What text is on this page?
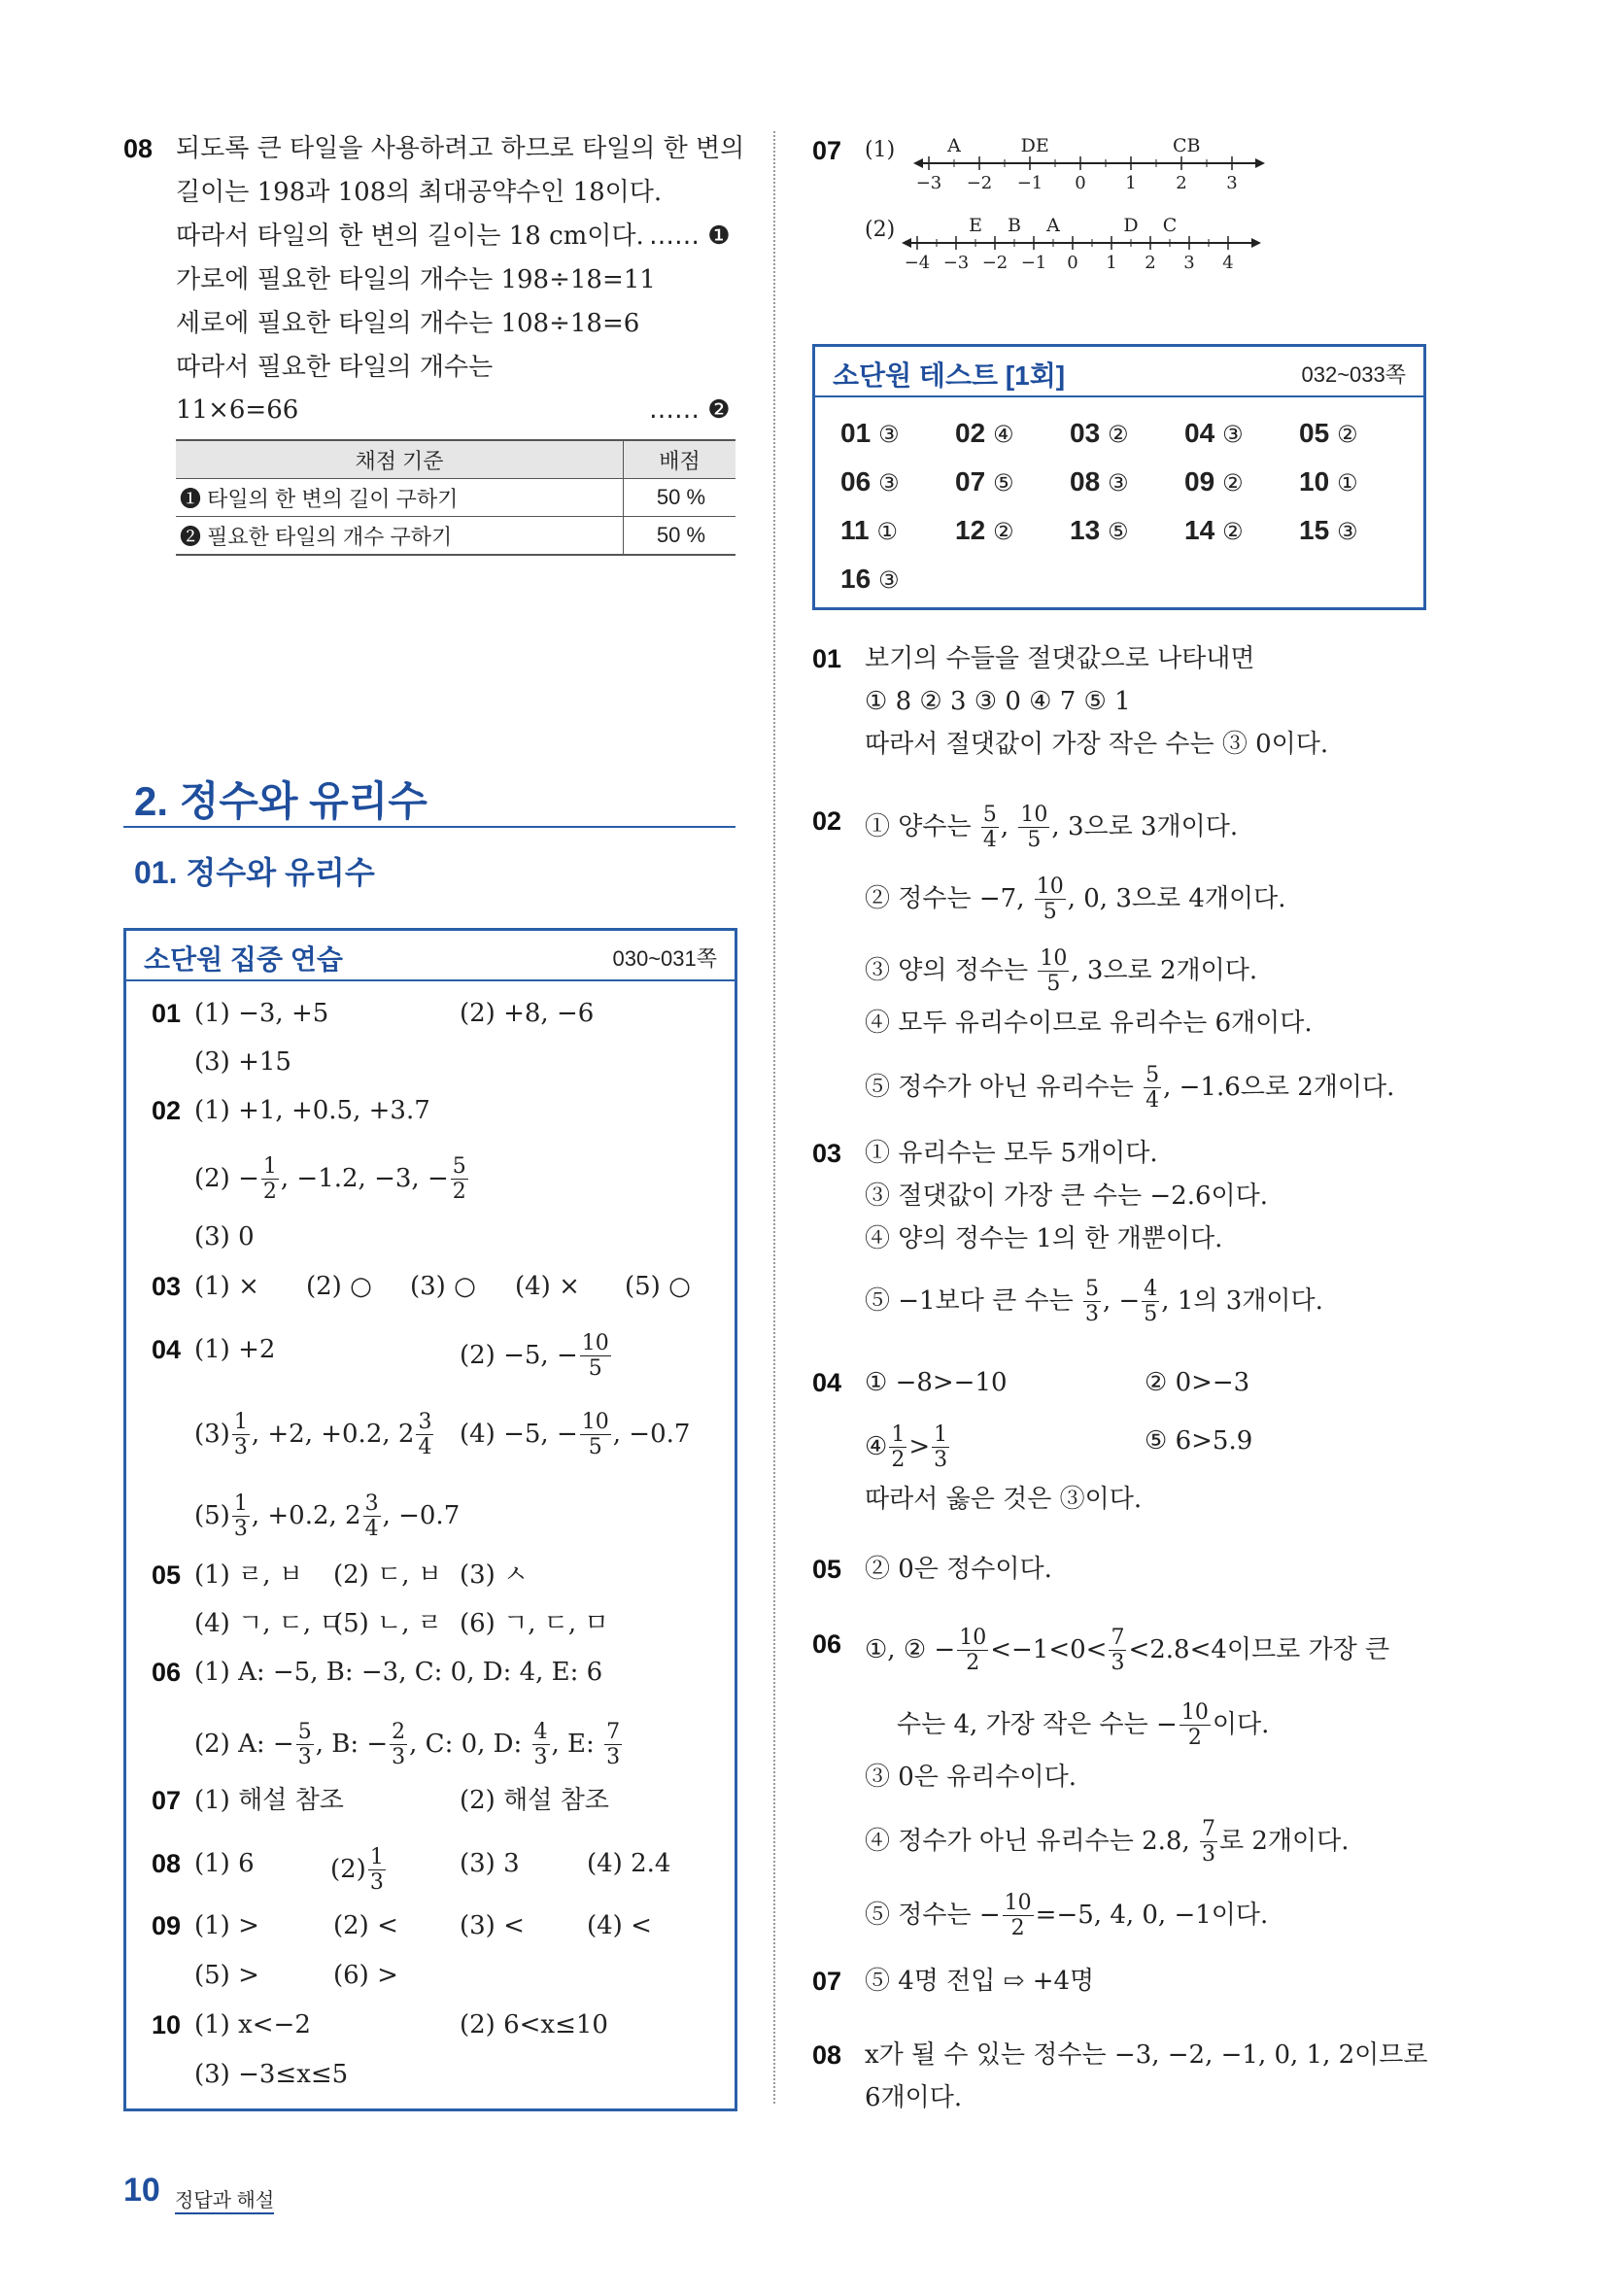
08 되도록 큰 타일을 사용하려고 하므로 타일의 한 변의
길이는 198과 108의 최대공약수인 18이다.
따라서 타일의 한 변의 길이는 18 cm이다. …… ❶
가로에 필요한 타일의 개수는 198÷18=11
세로에 필요한 타일의 개수는 108÷18=6
따라서 필요한 타일의 개수는
11×6=66	…… ❷
채점 기준	배점
❶ 타일의 한 변의 길이 구하기	50 %
❷ 필요한 타일의 개수 구하기	50 %
2. 정수와 유리수
01. 정수와 유리수
소단원 집중 연습	030~031쪽
01 (1) −3, +5	(2) +8, −6
(3) +15
02 (1) +1, +0.5, +3.7
$(2) - \frac{1}{2}$ , −1.2, −3, − $\frac{5}{2}$
(3) 0
03 (1) × (2) ○ (3) ○ (4) × (5) ○
04 (1) +2	(2) −5, − $\frac{10}{5}$
$(3) \frac{1}{3}$ , +2, +0.2, $2 \frac{3}{4} (4) -5$, − $\frac{10}{5}$ , −0.7
$(5) \frac{1}{3}$ , +0.2, $2 \frac{3}{4}$ , −0.7
05 (1) ㄹ, ㅂ (2) ㄷ, ㅂ (3) ㅅ
(4) ㄱ, ㄷ, ㅁ
(5) ㄴ, ㄹ (6) ㄱ, ㄷ, ㅁ
06 (1) A: −5, B: −3, C: 0, D: 4, E: 6
(2) A: − $\frac{5}{3}$ , B: − $\frac{2}{3}$ , C: 0, D: $\frac{4}{3}$ , E: $\frac{7}{3}$
07 (1) 해설 참조	(2) 해설 참조
08 (1) 6	$(2) \frac{1}{3}$	(3) 3	(4) 2.4
09 (1) >	(2) < (3) < (4) <
(5) >	(6) >
10 (1) x<−2	(2) 6<x≤10
(3) −3≤x≤5
07 (1)
(2)
−3 −2 −1 0 1 2 3
A	DE	CB
−4 −3 −2 −1 0 1 2 3 4
E B A	D C
소단원 테스트 [1회]	032~033쪽
01 ③ 02 ④ 03 ② 04 ③ 05 ②
06 ③ 07 ⑤ 08 ③ 09 ② 10 ①
11 ① 12 ② 13 ⑤ 14 ② 15 ③
16 ③
01 보기의 수들을 절댓값으로 나타내면
① 8 ② 3 ③ 0 ④ 7 ⑤ 1
따라서 절댓값이 가장 작은 수는 ③ 0이다.
02 ① 양수는 $\frac{5}{4}$ , $\frac{10}{5}$ , 3으로 3개이다.
② 정수는 −7, $\frac{10}{5}$ , 0, 3으로 4개이다.
③ 양의 정수는 $\frac{10}{5}$ , 3으로 2개이다.
④ 모두 유리수이므로 유리수는 6개이다.
⑤ 정수가 아닌 유리수는 $\frac{5}{4}$ , −1.6으로 2개이다.
03 ① 유리수는 모두 5개이다.
③ 절댓값이 가장 큰 수는 −2.6이다.
④ 양의 정수는 1의 한 개뿐이다.
⑤ −1보다 큰 수는 $\frac{5}{3}$ , − $\frac{4}{5}$ , 1의 3개이다.
04 ① −8>−10	② 0>−3
④ $\frac{1}{2} > \frac{1}{3}$	⑤ 6>5.9
따라서 옳은 것은 ③이다.
05 ② 0은 정수이다.
06 ①, ② − $\frac{10}{2} <-1<0< \frac{7}{3} <2.8<4$이므로 가장 큰
수는 4, 가장 작은 수는 − $\frac{10}{2}$ 이다.
③ 0은 유리수이다.
④ 정수가 아닌 유리수는 2.8, $\frac{7}{3}$ 로 2개이다.
⑤ 정수는 − $\frac{10}{2} =-5$, 4, 0, −1이다.
07 ⑤ 4명 전입 ⇨ +4명
08 x가 될 수 있는 정수는 −3, −2, −1, 0, 1, 2이므로
6개이다.
10 정답과 해설
